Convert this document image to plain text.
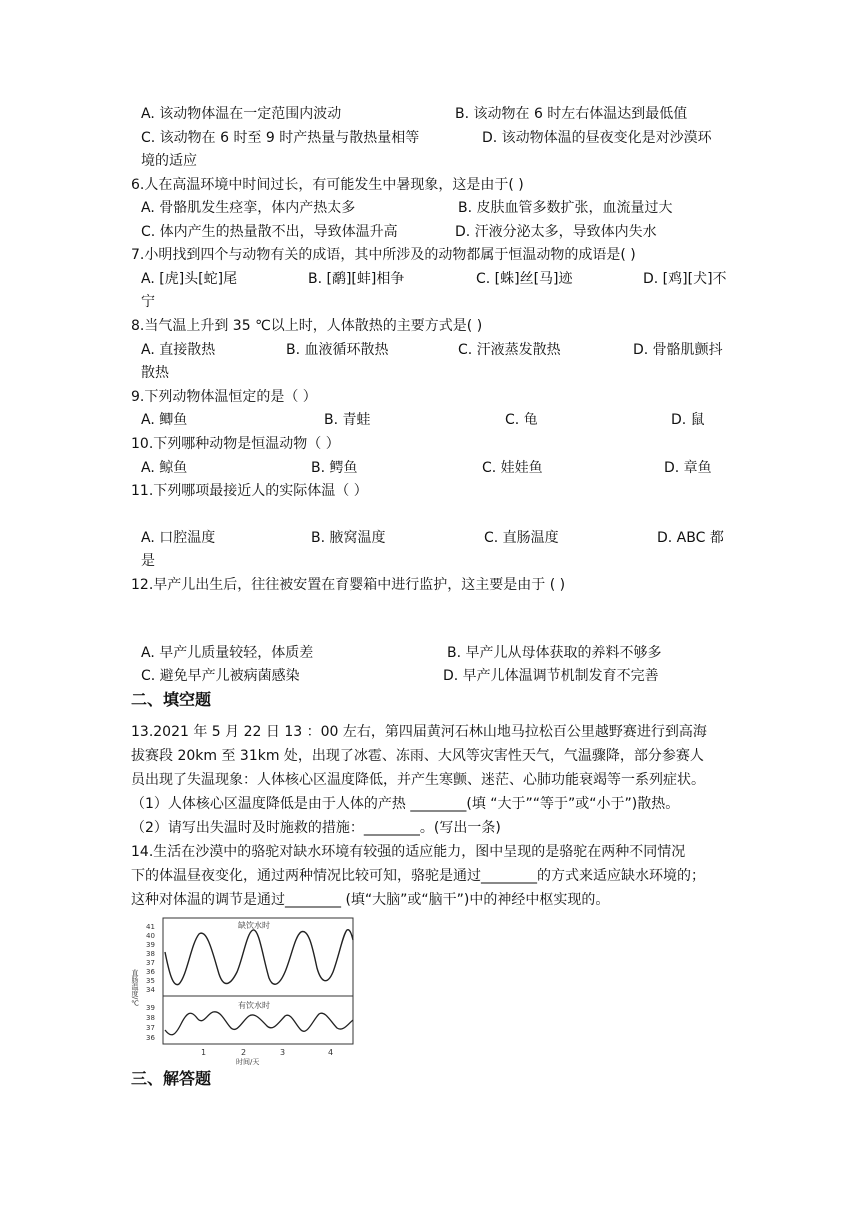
A. 该动物体温在一定范围内波动	B. 该动物在 6 时左右体温达到最低值
C. 该动物在 6 时至 9 时产热量与散热量相等	D. 该动物体温的昼夜变化是对沙漠环
境的适应
6.人在高温环境中时间过长，有可能发生中暑现象，这是由于( )
A. 骨骼肌发生痉挛，体内产热太多	B. 皮肤血管多数扩张，血流量过大
C. 体内产生的热量散不出，导致体温升高	D. 汗液分泌太多，导致体内失水
7.小明找到四个与动物有关的成语，其中所涉及的动物都属于恒温动物的成语是( )
A. [虎]头[蛇]尾	B. [鹬][蚌]相争	C. [蛛]丝[马]迹	D. [鸡][犬]不
宁
8.当气温上升到 35 ℃以上时，人体散热的主要方式是( )
A. 直接散热	B. 血液循环散热	C. 汗液蒸发散热	D. 骨骼肌颤抖
散热
9.下列动物体温恒定的是（ ）
A. 鲫鱼	B. 青蛙	C. 龟	D. 鼠
10.下列哪种动物是恒温动物（ ）
A. 鲸鱼	B. 鳄鱼	C. 娃娃鱼	D. 章鱼
11.下列哪项最接近人的实际体温（ ）
A. 口腔温度	B. 腋窝温度	C. 直肠温度	D. ABC 都
是
12.早产儿出生后，往往被安置在育婴箱中进行监护，这主要是由于 ( )
A. 早产儿质量较轻，体质差	B. 早产儿从母体获取的养料不够多
C. 避免早产儿被病菌感染	D. 早产儿体温调节机制发育不完善
二、填空题
13.2021 年 5 月 22 日 13 ：00 左右，第四届黄河石林山地马拉松百公里越野赛进行到高海
拔赛段 20km 至 31km 处，出现了冰雹、冻雨、大风等灾害性天气，气温骤降，部分参赛人
员出现了失温现象：人体核心区温度降低，并产生寒颤、迷茫、心肺功能衰竭等一系列症状。
（1）人体核心区温度降低是由于人体的产热 ________(填 “大于”“等于”或“小于”)散热。
（2）请写出失温时及时施救的措施：________。(写出一条)
14.生活在沙漠中的骆驼对缺水环境有较强的适应能力，图中呈现的是骆驼在两种不同情况
下的体温昼夜变化，通过两种情况比较可知，骆驼是通过________的方式来适应缺水环境的；
这种对体温的调节是通过________ (填“大脑”或“脑干”)中的神经中枢实现的。
缺饮水时
有饮水时
41
40
39
38
37
36
35
34
39
38
37
36
直肠温度/℃
1	2	3	4
时间/天
三、解答题
